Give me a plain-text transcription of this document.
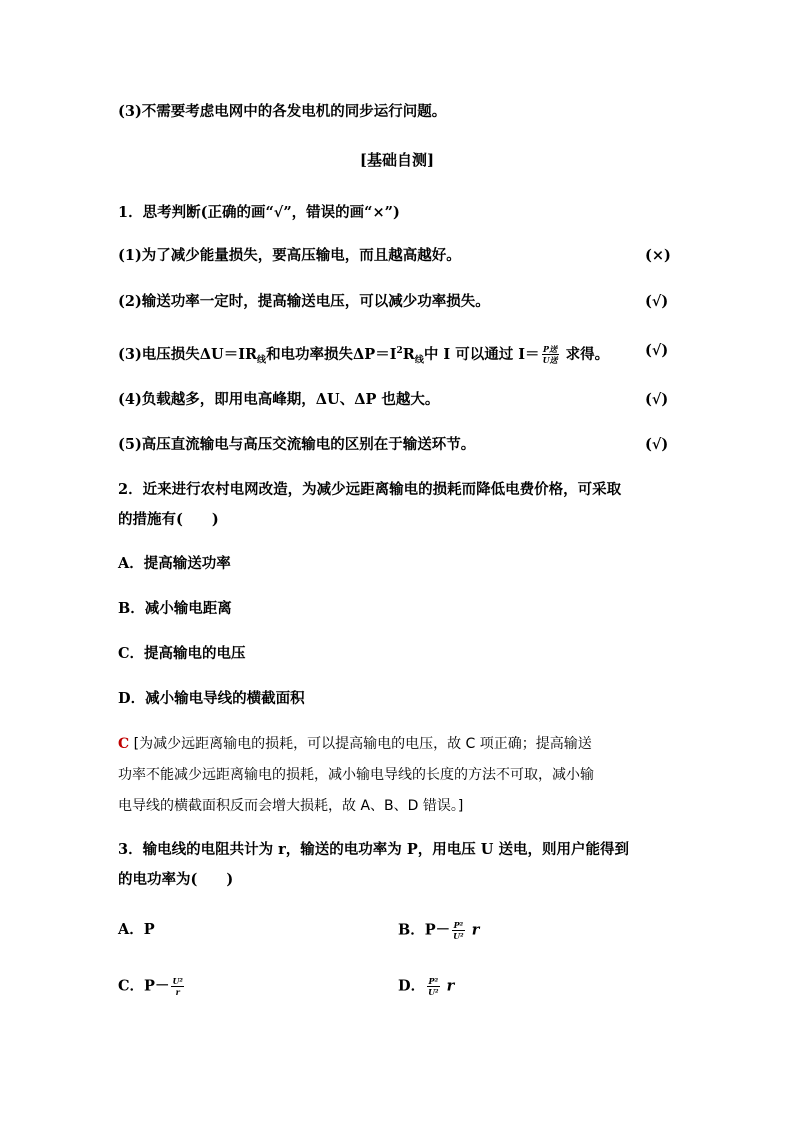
(3)不需要考虑电网中的各发电机的同步运行问题。
[基础自测]
1．思考判断(正确的画“√”，错误的画“×”)
(1)为了减少能量损失，要高压输电，而且越高越好。	(×)
(2)输送功率一定时，提高输送电压，可以减少功率损失。	(√)
(3)电压损失$\Delta U=IR_线$和电功率损失$\Delta P=I^2R_线$中 I 可以通过 $I= \frac{\text{P送}}{\text{U送}}$ 求得。 (√)
(4)负载越多，即用电高峰期，ΔU、ΔP 也越大。	(√)
(5)高压直流输电与高压交流输电的区别在于输送环节。	(√)
2．近来进行农村电网改造，为减少远距离输电的损耗而降低电费价格，可采取
的措施有(　　)
A．提高输送功率
B．减小输电距离
C．提高输电的电压
D．减小输电导线的横截面积
C [为减少远距离输电的损耗，可以提高输电的电压，故 C 项正确；提高输送
功率不能减少远距离输电的损耗，减小输电导线的长度的方法不可取，减小输
电导线的横截面积反而会增大损耗，故 A、B、D 错误。]
3．输电线的电阻共计为 r，输送的电功率为 P，用电压 U 送电，则用户能得到
的电功率为(　　)
A．P	B．$P- \frac{\text{P²}}{\text{U²}}$ r
C．$P- \frac{\text{U²}}{r}$	D． $\frac{\text{P²}}{\text{U²}}$ r
